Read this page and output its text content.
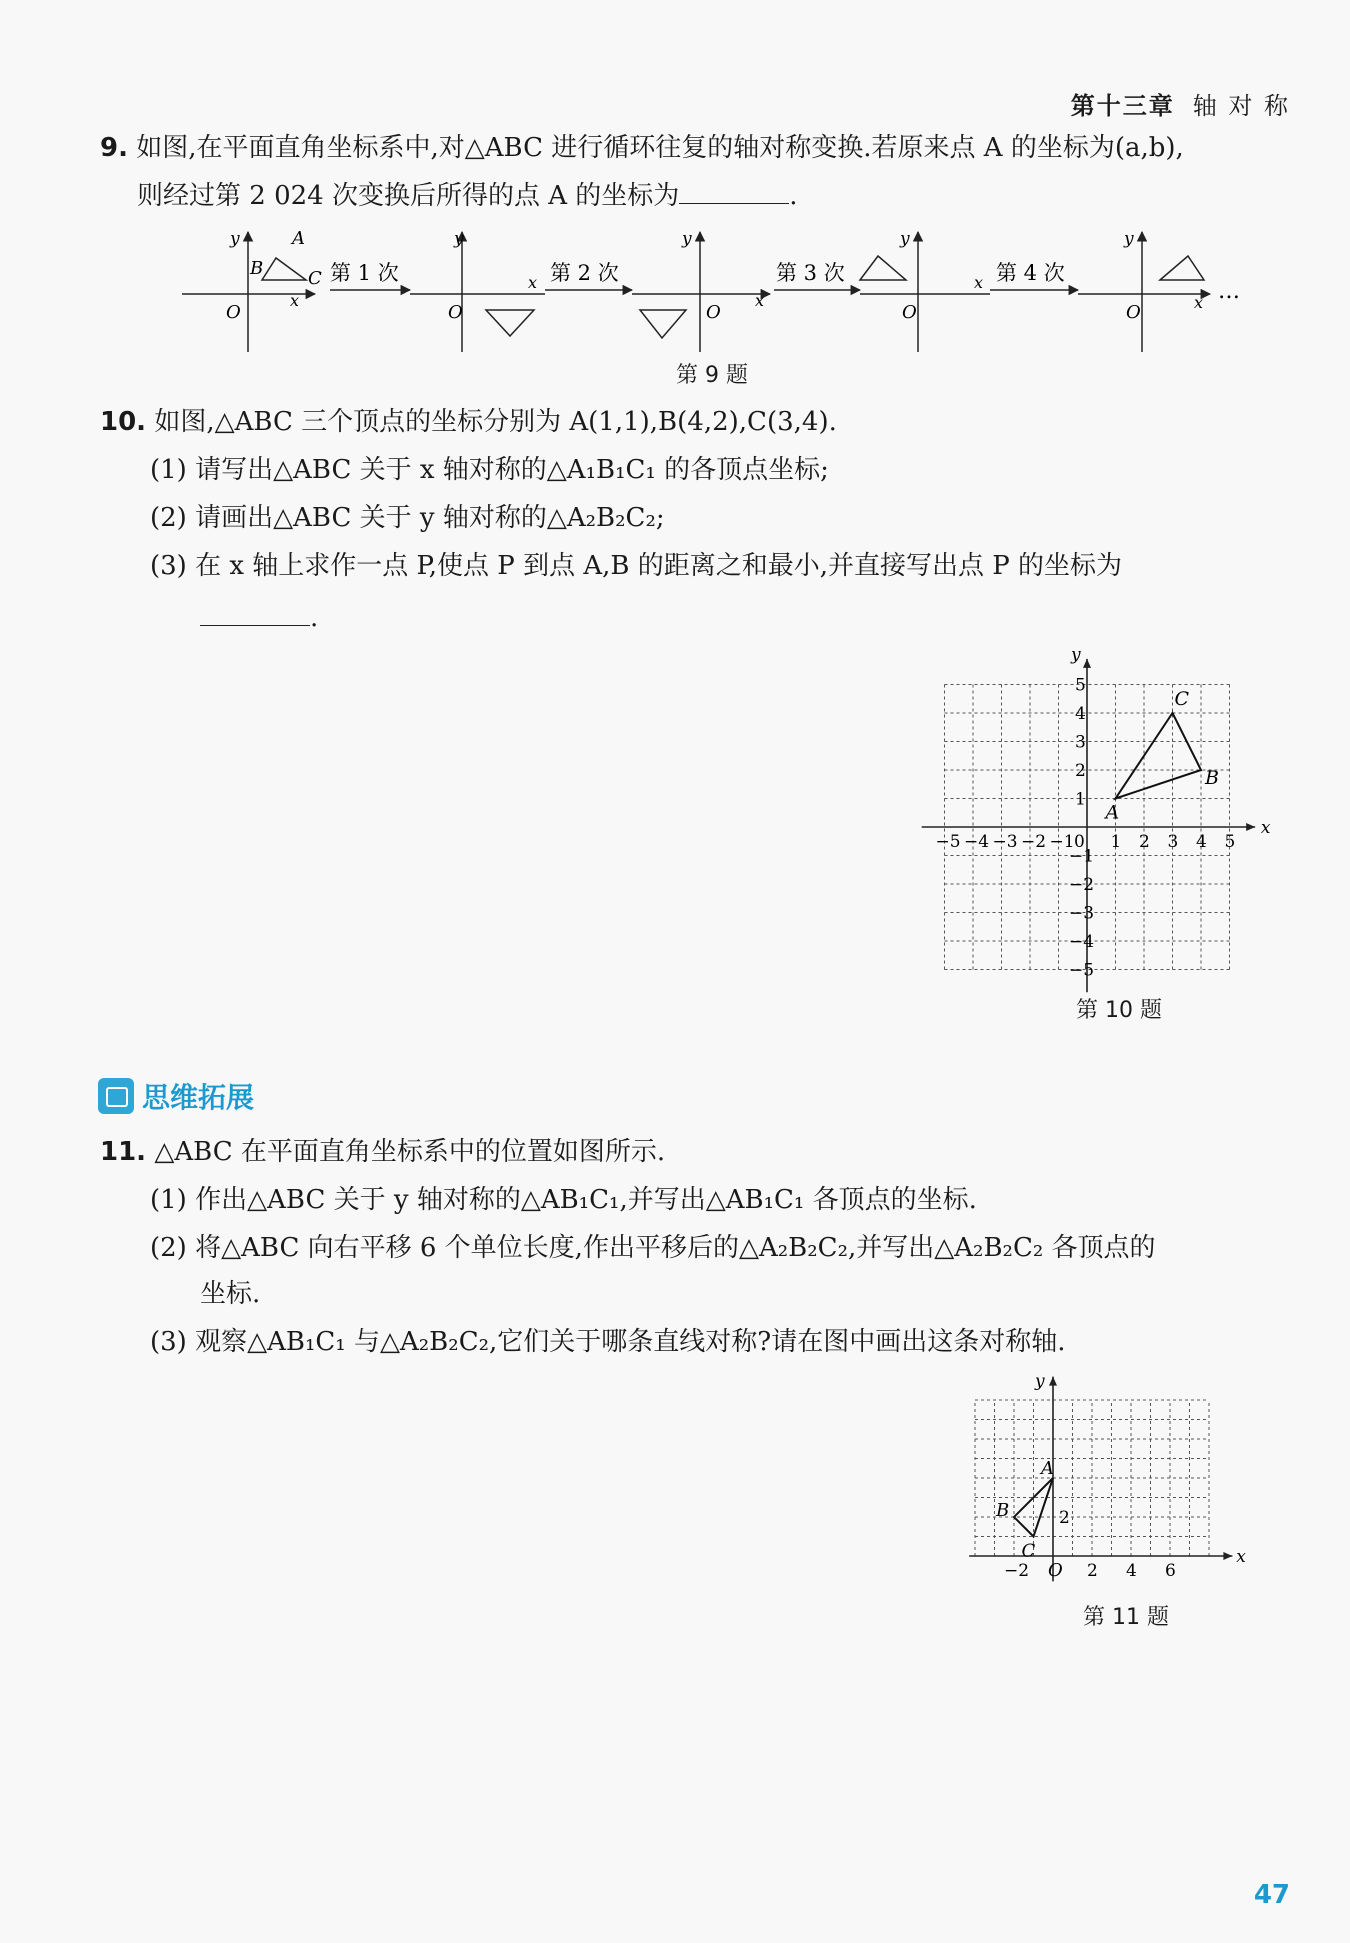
第十三章 轴 对 称
9. 如图,在平面直角坐标系中,对△ABC 进行循环往复的轴对称变换.若原来点 A 的坐标为(a,b),
则经过第 2 024 次变换后所得的点 A 的坐标为	.
y
x
O
A
B C 第 1 次
y
x
O
第 2 次
y
x
O
第 3 次
y
x
O
第 4 次
y
x
O
…
第 9 题
10. 如图,△ABC 三个顶点的坐标分别为 A(1,1),B(4,2),C(3,4).
(1) 请写出△ABC 关于 x 轴对称的△A₁B₁C₁ 的各顶点坐标;
(2) 请画出△ABC 关于 y 轴对称的△A₂B₂C₂;
(3) 在 x 轴上求作一点 P,使点 P 到点 A,B 的距离之和最小,并直接写出点 P 的坐标为
.
x
y
0
−5 −4 −3 −2 −1 1 2 3 4 5
5
4
3
2
1
−1
−2
−3
−4
−5
A
B
C
第 10 题
思维拓展
11. △ABC 在平面直角坐标系中的位置如图所示.
(1) 作出△ABC 关于 y 轴对称的△AB₁C₁,并写出△AB₁C₁ 各顶点的坐标.
(2) 将△ABC 向右平移 6 个单位长度,作出平移后的△A₂B₂C₂,并写出△A₂B₂C₂ 各顶点的
坐标.
(3) 观察△AB₁C₁ 与△A₂B₂C₂,它们关于哪条直线对称?请在图中画出这条对称轴.
x
y
O
−2	2 4 6
2
A
B
C
第 11 题
47
